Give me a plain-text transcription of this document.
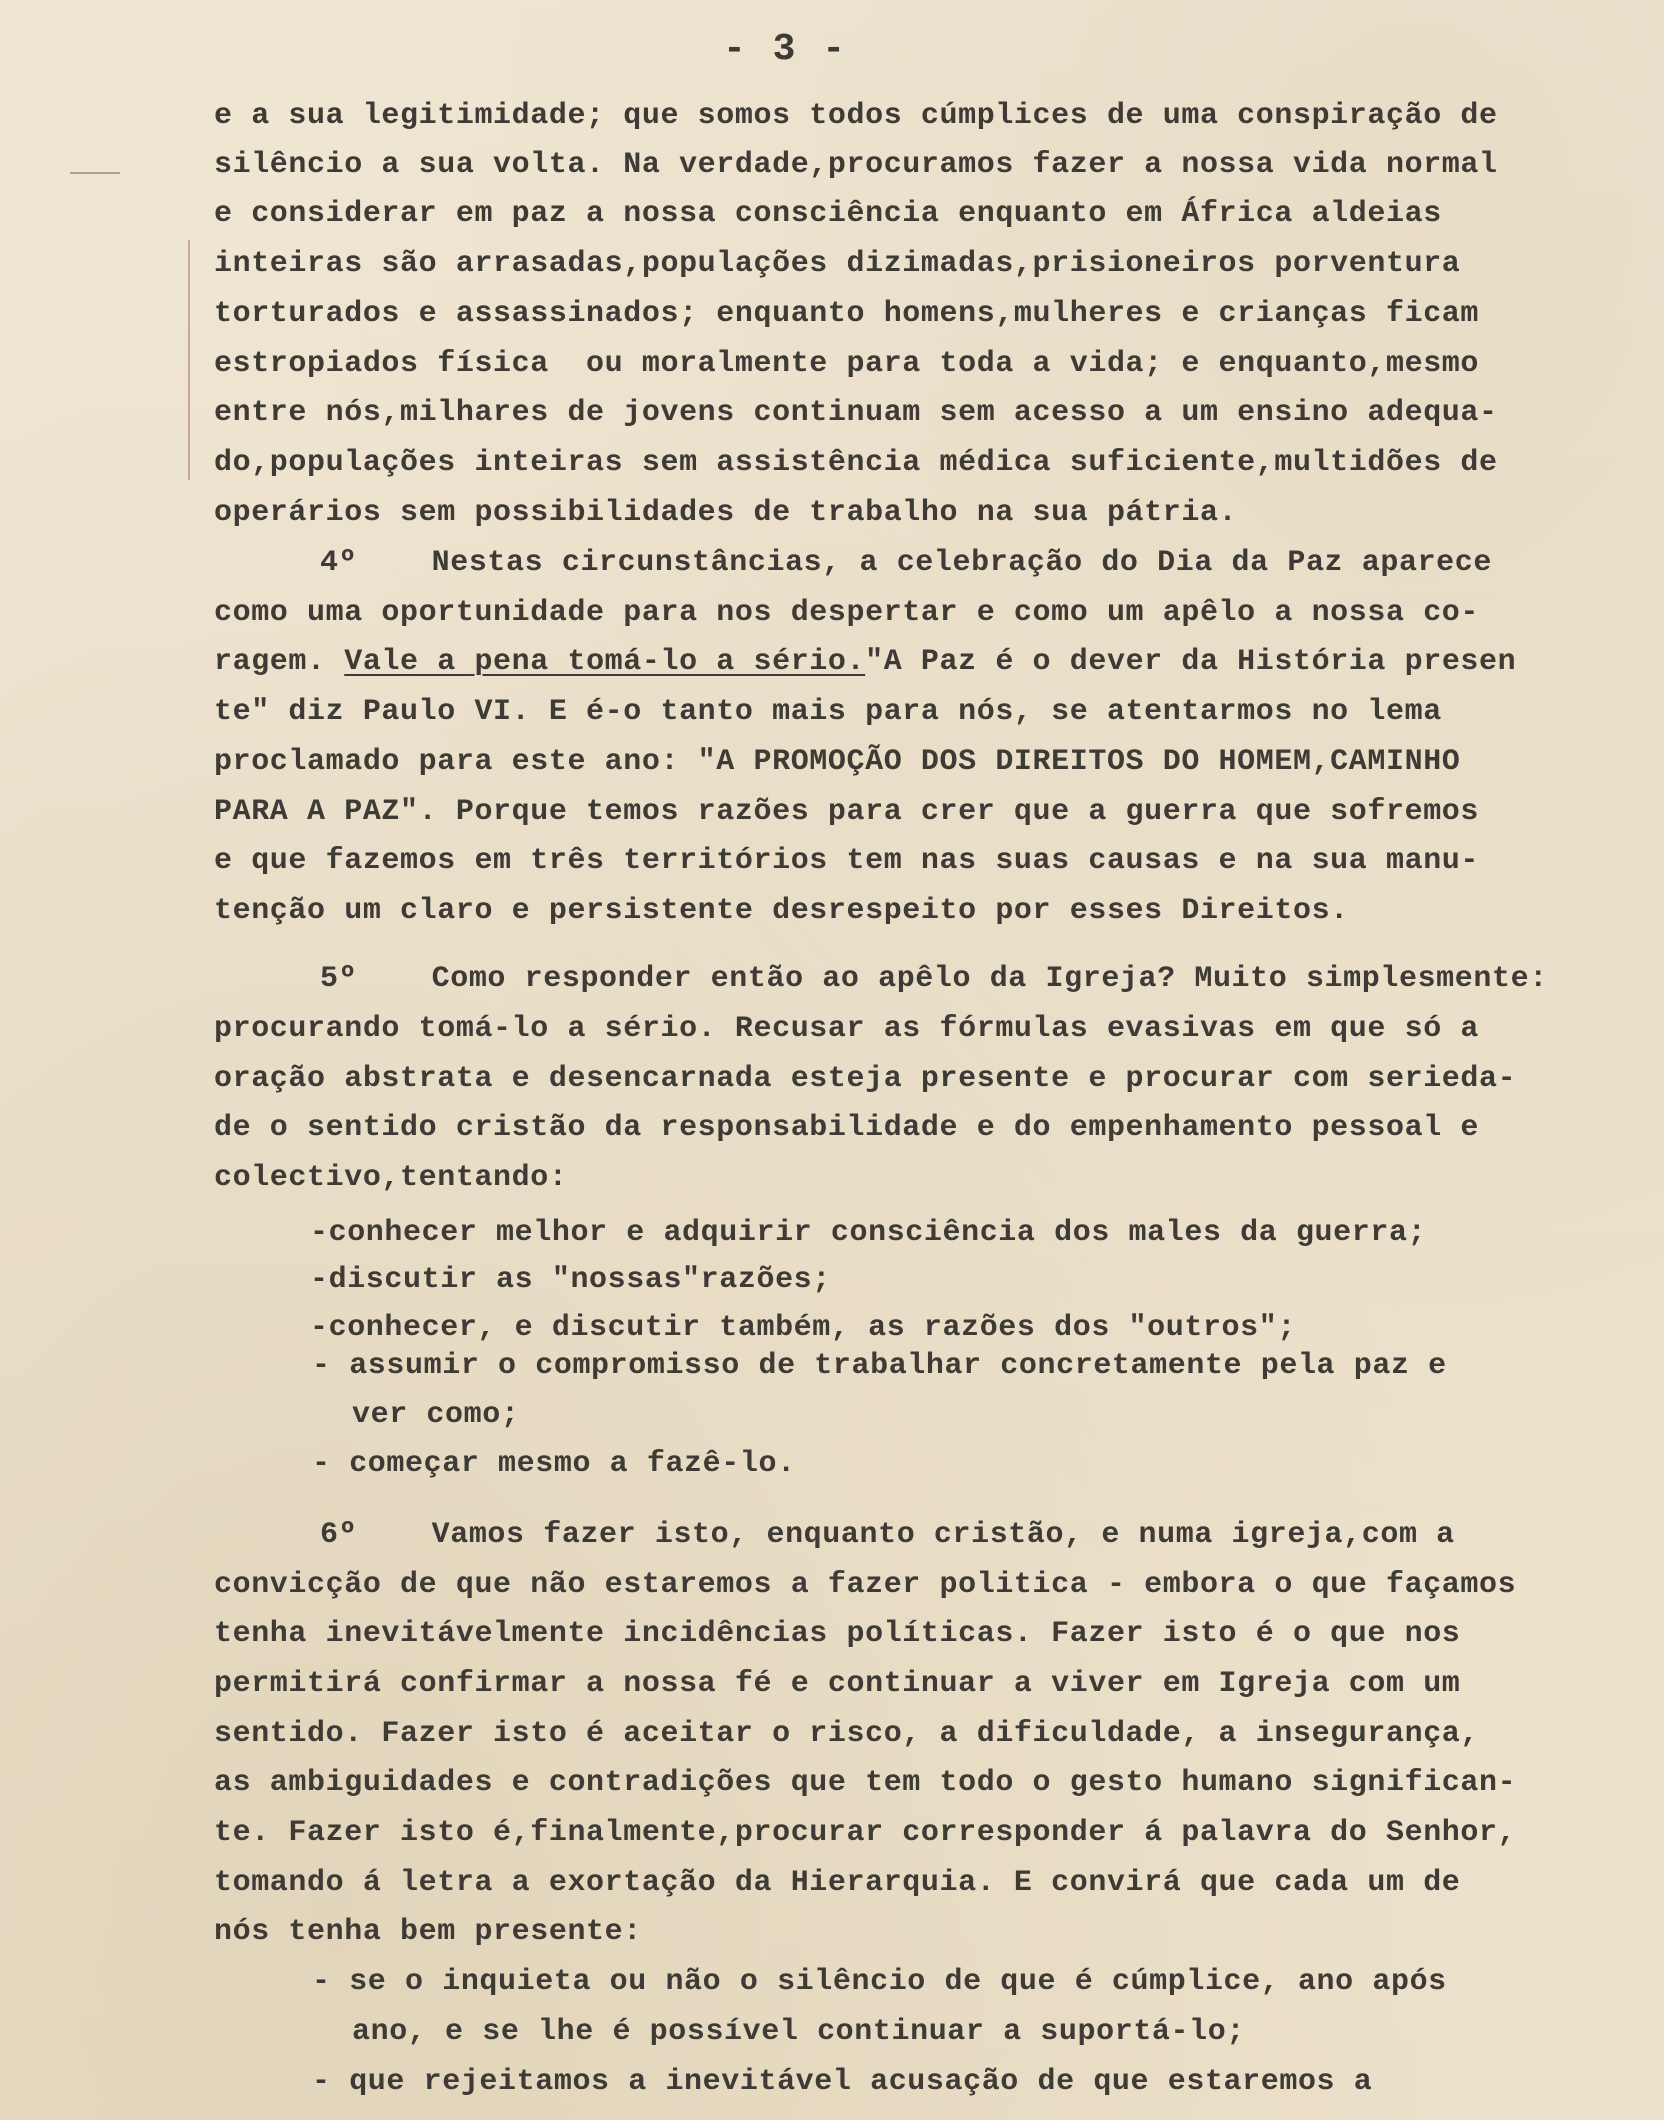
- 3 -
e a sua legitimidade; que somos todos cúmplices de uma conspiração de
silêncio a sua volta. Na verdade,procuramos fazer a nossa vida normal
e considerar em paz a nossa consciência enquanto em África aldeias
inteiras são arrasadas,populações dizimadas,prisioneiros porventura
torturados e assassinados; enquanto homens,mulheres e crianças ficam
estropiados física  ou moralmente para toda a vida; e enquanto,mesmo
entre nós,milhares de jovens continuam sem acesso a um ensino adequa-
do,populações inteiras sem assistência médica suficiente,multidões de
operários sem possibilidades de trabalho na sua pátria.
4º    Nestas circunstâncias, a celebração do Dia da Paz aparece
como uma oportunidade para nos despertar e como um apêlo a nossa co-
ragem. Vale a pena tomá-lo a sério."A Paz é o dever da História presen
te" diz Paulo VI. E é-o tanto mais para nós, se atentarmos no lema
proclamado para este ano: "A PROMOÇÃO DOS DIREITOS DO HOMEM,CAMINHO
PARA A PAZ". Porque temos razões para crer que a guerra que sofremos
e que fazemos em três territórios tem nas suas causas e na sua manu-
tenção um claro e persistente desrespeito por esses Direitos.
5º    Como responder então ao apêlo da Igreja? Muito simplesmente:
procurando tomá-lo a sério. Recusar as fórmulas evasivas em que só a
oração abstrata e desencarnada esteja presente e procurar com serieda-
de o sentido cristão da responsabilidade e do empenhamento pessoal e
colectivo,tentando:
-conhecer melhor e adquirir consciência dos males da guerra;
-discutir as "nossas"razões;
-conhecer, e discutir também, as razões dos "outros";
- assumir o compromisso de trabalhar concretamente pela paz e
ver como;
- começar mesmo a fazê-lo.
6º    Vamos fazer isto, enquanto cristão, e numa igreja,com a
convicção de que não estaremos a fazer politica - embora o que façamos
tenha inevitávelmente incidências políticas. Fazer isto é o que nos
permitirá confirmar a nossa fé e continuar a viver em Igreja com um
sentido. Fazer isto é aceitar o risco, a dificuldade, a insegurança,
as ambiguidades e contradições que tem todo o gesto humano significan-
te. Fazer isto é,finalmente,procurar corresponder á palavra do Senhor,
tomando á letra a exortação da Hierarquia. E convirá que cada um de
nós tenha bem presente:
- se o inquieta ou não o silêncio de que é cúmplice, ano após
ano, e se lhe é possível continuar a suportá-lo;
- que rejeitamos a inevitável acusação de que estaremos a
